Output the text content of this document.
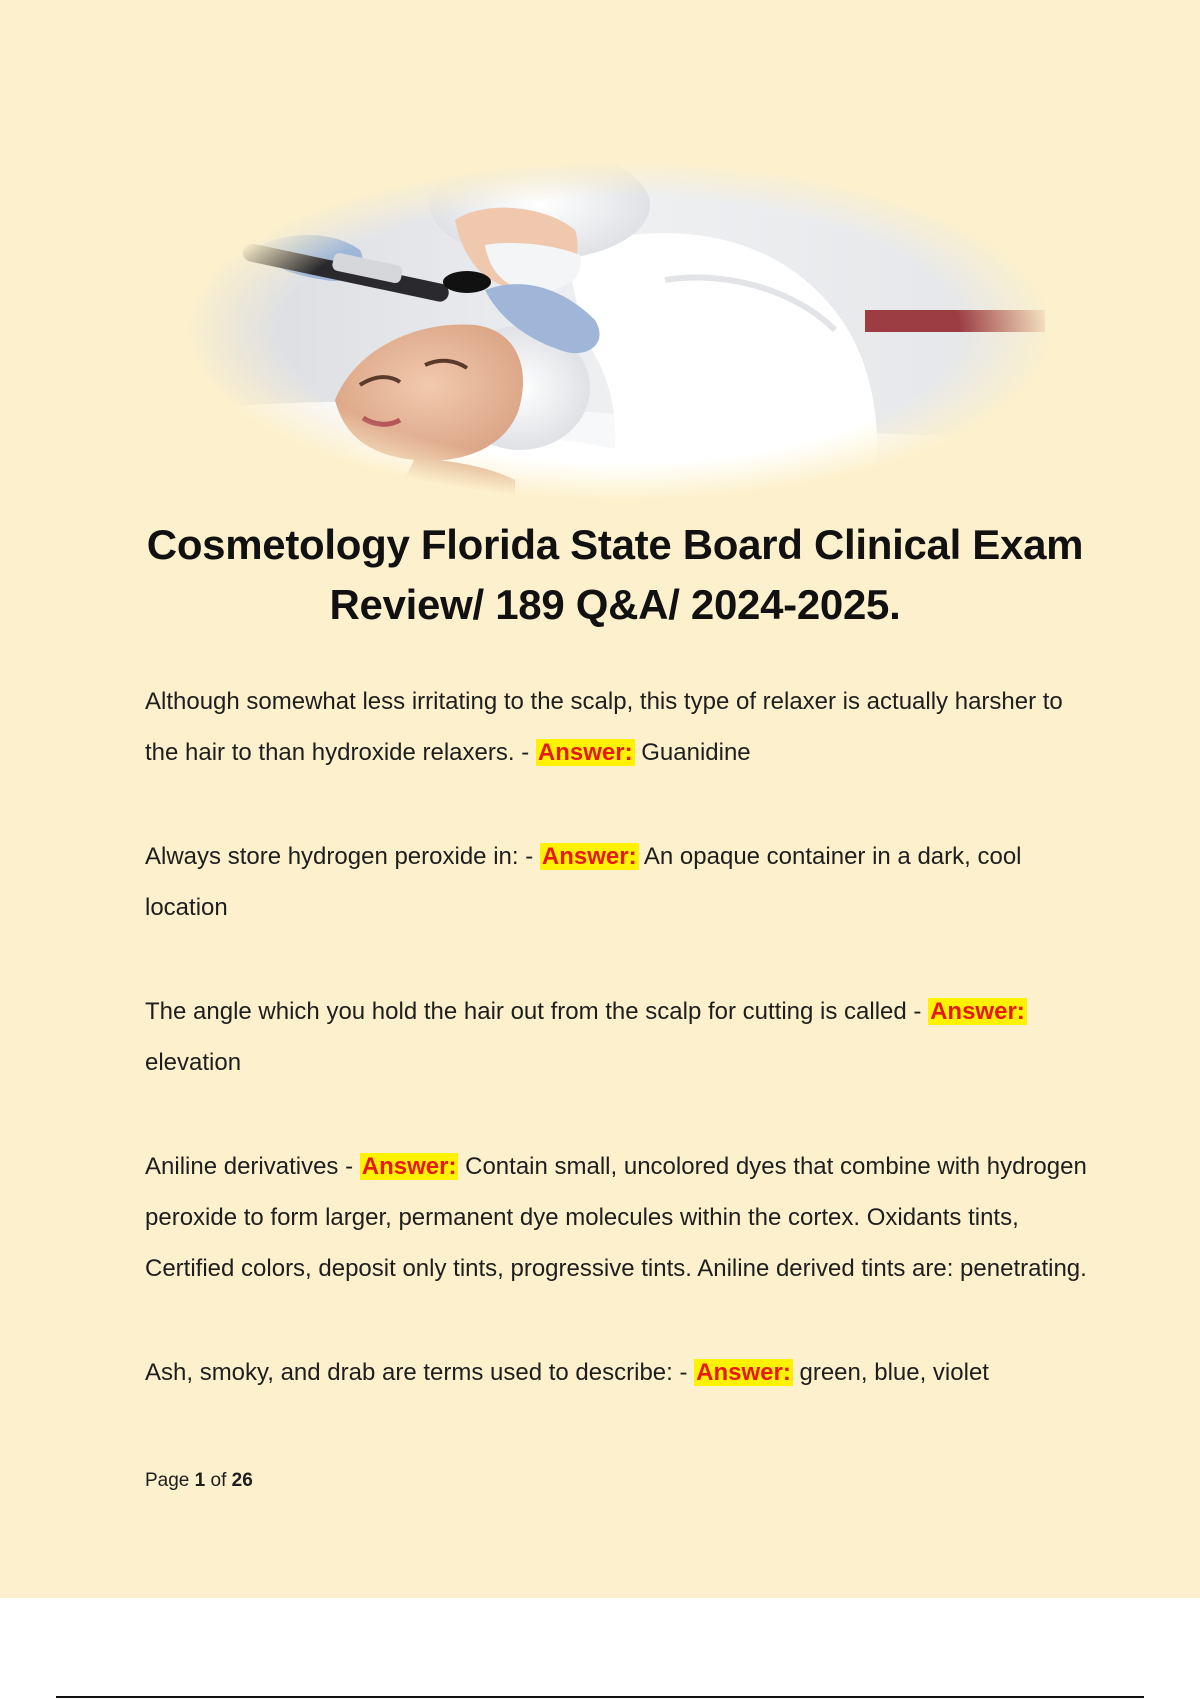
Cosmetology Florida State Board Clinical Exam Review/ 189 Q&A/ 2024-2025.

Although somewhat less irritating to the scalp, this type of relaxer is actually harsher to the hair to than hydroxide relaxers. - Answer: Guanidine

Always store hydrogen peroxide in: - Answer: An opaque container in a dark, cool location

The angle which you hold the hair out from the scalp for cutting is called - Answer: elevation

Aniline derivatives - Answer: Contain small, uncolored dyes that combine with hydrogen peroxide to form larger, permanent dye molecules within the cortex. Oxidants tints, Certified colors, deposit only tints, progressive tints. Aniline derived tints are: penetrating.

Ash, smoky, and drab are terms used to describe: - Answer: green, blue, violet

Page 1 of 26
